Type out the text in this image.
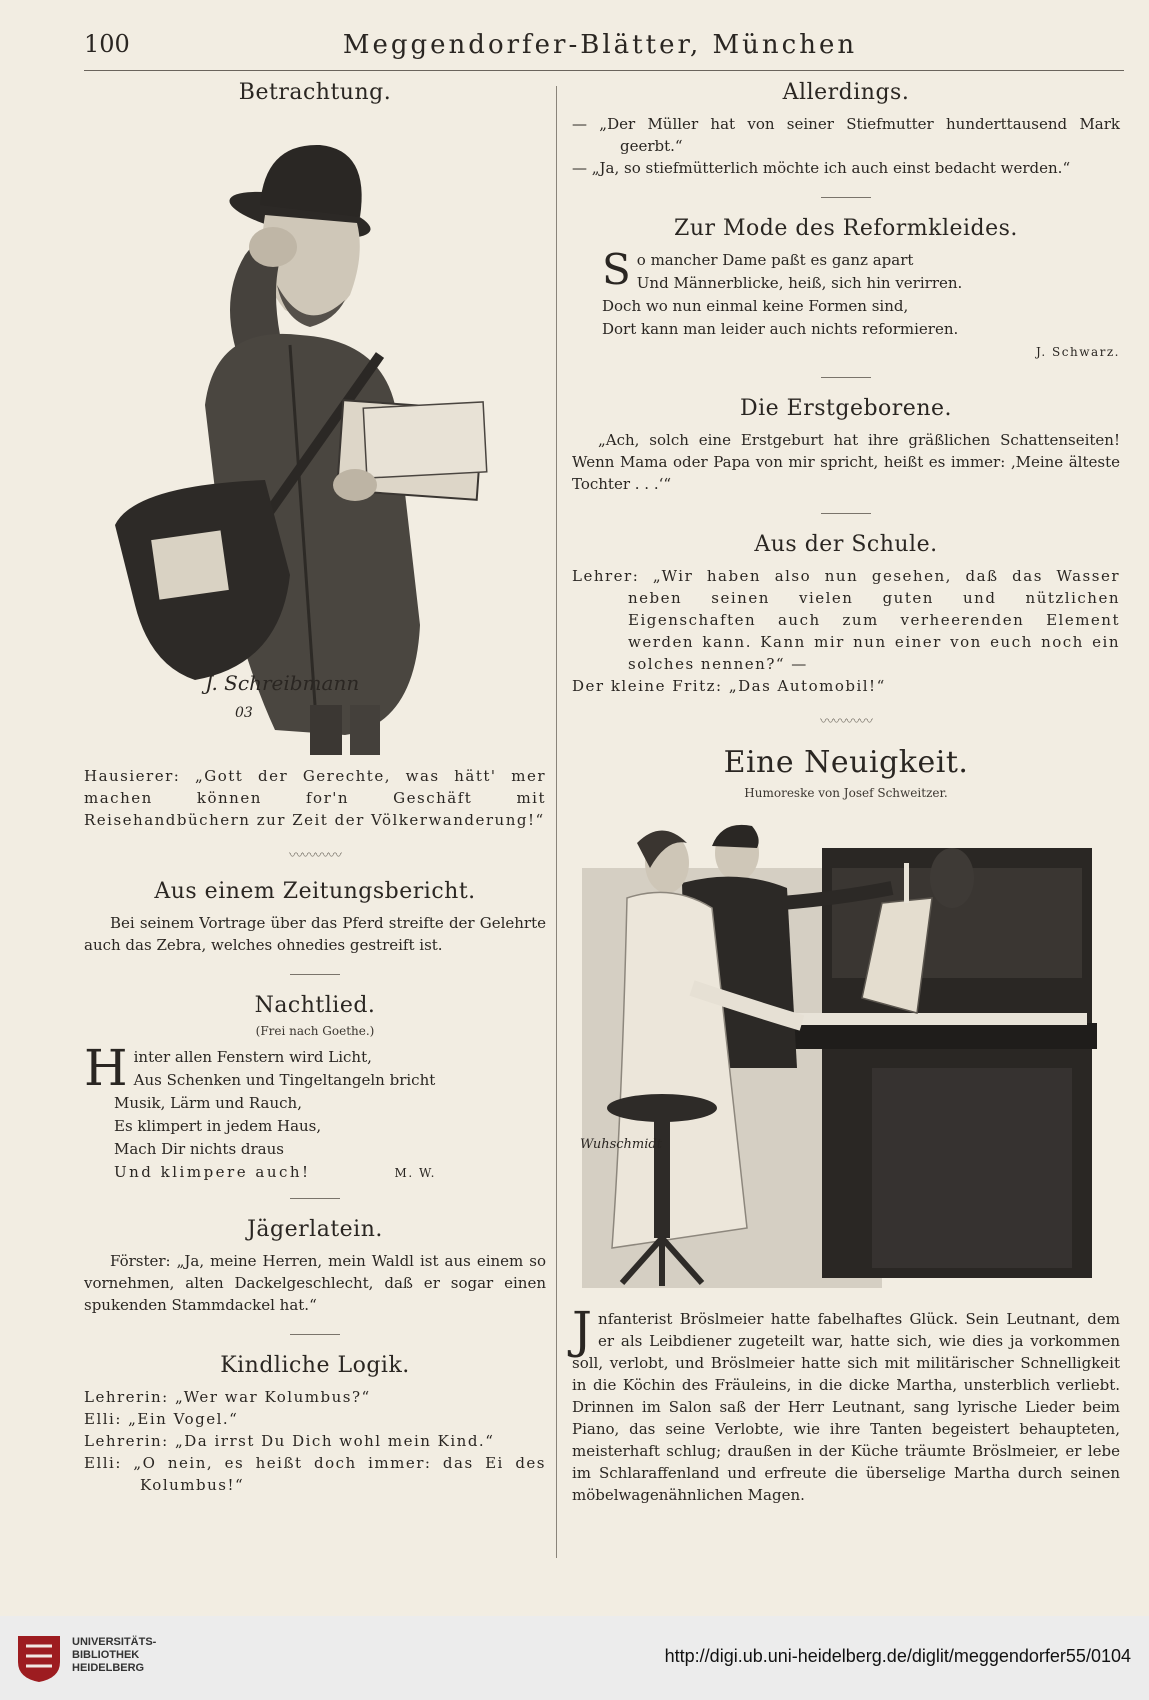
100	Meggendorfer-Blätter, München
Betrachtung.
J. Schreibmann
03

Hausierer: „Gott der Gerechte, was hätt' mer machen können for'n Geschäft mit Reisehandbüchern zur Zeit der Völkerwanderung!“

〰〰〰〰
Aus einem Zeitungsbericht.

Bei seinem Vortrage über das Pferd streifte der Gelehrte auch das Zebra, welches ohnedies gestreift ist.

Nachtlied.
(Frei nach Goethe.)
H inter allen Fenstern wird Licht,
Aus Schenken und Tingeltangeln bricht
Musik, Lärm und Rauch,
Es klimpert in jedem Haus,
Mach Dir nichts draus
Und klimpere auch!	M. W.
Jägerlatein.

Förster: „Ja, meine Herren, mein Waldl ist aus einem so vornehmen, alten Dackelgeschlecht, daß er sogar einen spukenden Stammdackel hat.“

Kindliche Logik.

Lehrerin: „Wer war Kolumbus?“

Elli: „Ein Vogel.“

Lehrerin: „Da irrst Du Dich wohl mein Kind.“

Elli: „O nein, es heißt doch immer: das Ei des Kolumbus!“

Allerdings.

— „Der Müller hat von seiner Stiefmutter hunderttausend Mark geerbt.“

— „Ja, so stiefmütterlich möchte ich auch einst bedacht werden.“

Zur Mode des Reformkleides.
S o mancher Dame paßt es ganz apart
Und Männerblicke, heiß, sich hin verirren.
Doch wo nun einmal keine Formen sind,
Dort kann man leider auch nichts reformieren.
J. Schwarz.
Die Erstgeborene.

„Ach, solch eine Erstgeburt hat ihre gräßlichen Schattenseiten! Wenn Mama oder Papa von mir spricht, heißt es immer: ‚Meine älteste Tochter . . .‘“

Aus der Schule.

Lehrer: „Wir haben also nun gesehen, daß das Wasser neben seinen vielen guten und nützlichen Eigenschaften auch zum verheerenden Element werden kann. Kann mir nun einer von euch noch ein solches nennen?“ —

Der kleine Fritz: „Das Automobil!“

〰〰〰〰
Eine Neuigkeit.
Humoreske von Josef Schweitzer.
Wuhschmidt

Jnfanterist Bröslmeier hatte fabelhaftes Glück. Sein Leutnant, dem er als Leibdiener zugeteilt war, hatte sich, wie dies ja vorkommen soll, verlobt, und Bröslmeier hatte sich mit militärischer Schnelligkeit in die Köchin des Fräuleins, in die dicke Martha, unsterblich verliebt. Drinnen im Salon saß der Herr Leutnant, sang lyrische Lieder beim Piano, das seine Verlobte, wie ihre Tanten begeistert behaupteten, meisterhaft schlug; draußen in der Küche träumte Bröslmeier, er lebe im Schlaraffenland und erfreute die überselige Martha durch seinen möbelwagenähnlichen Magen.

UNIVERSITÄTS-
BIBLIOTHEK
HEIDELBERG
http://digi.ub.uni-heidelberg.de/diglit/meggendorfer55/0104
